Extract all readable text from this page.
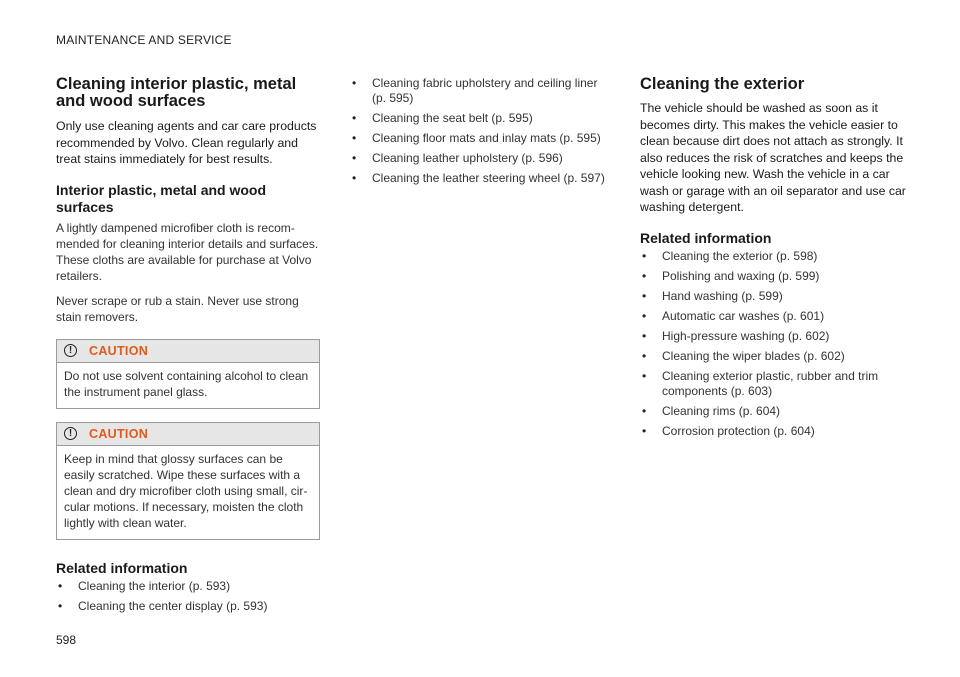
MAINTENANCE AND SERVICE
Cleaning interior plastic, metal and wood surfaces

Only use cleaning agents and car care products recommended by Volvo. Clean regularly and treat stains immediately for best results.

Interior plastic, metal and wood surfaces

A lightly dampened microfiber cloth is recommended for cleaning interior details and surfaces. These cloths are available for purchase at Volvo retailers.

Never scrape or rub a stain. Never use strong stain removers.

!	CAUTION
Do not use solvent containing alcohol to clean the instrument panel glass.
!	CAUTION
Keep in mind that glossy surfaces can be easily scratched. Wipe these surfaces with a clean and dry microfiber cloth using small, circular motions. If necessary, moisten the cloth lightly with clean water.
Related information
• Cleaning the interior (p. 593)
• Cleaning the center display (p. 593)
• Cleaning fabric upholstery and ceiling liner (p. 595)
• Cleaning the seat belt (p. 595)
• Cleaning floor mats and inlay mats (p. 595)
• Cleaning leather upholstery (p. 596)
• Cleaning the leather steering wheel (p. 597)
Cleaning the exterior

The vehicle should be washed as soon as it becomes dirty. This makes the vehicle easier to clean because dirt does not attach as strongly. It also reduces the risk of scratches and keeps the vehicle looking new. Wash the vehicle in a car wash or garage with an oil separator and use car washing detergent.

Related information
• Cleaning the exterior (p. 598)
• Polishing and waxing (p. 599)
• Hand washing (p. 599)
• Automatic car washes (p. 601)
• High-pressure washing (p. 602)
• Cleaning the wiper blades (p. 602)
• Cleaning exterior plastic, rubber and trim components (p. 603)
• Cleaning rims (p. 604)
• Corrosion protection (p. 604)
598
